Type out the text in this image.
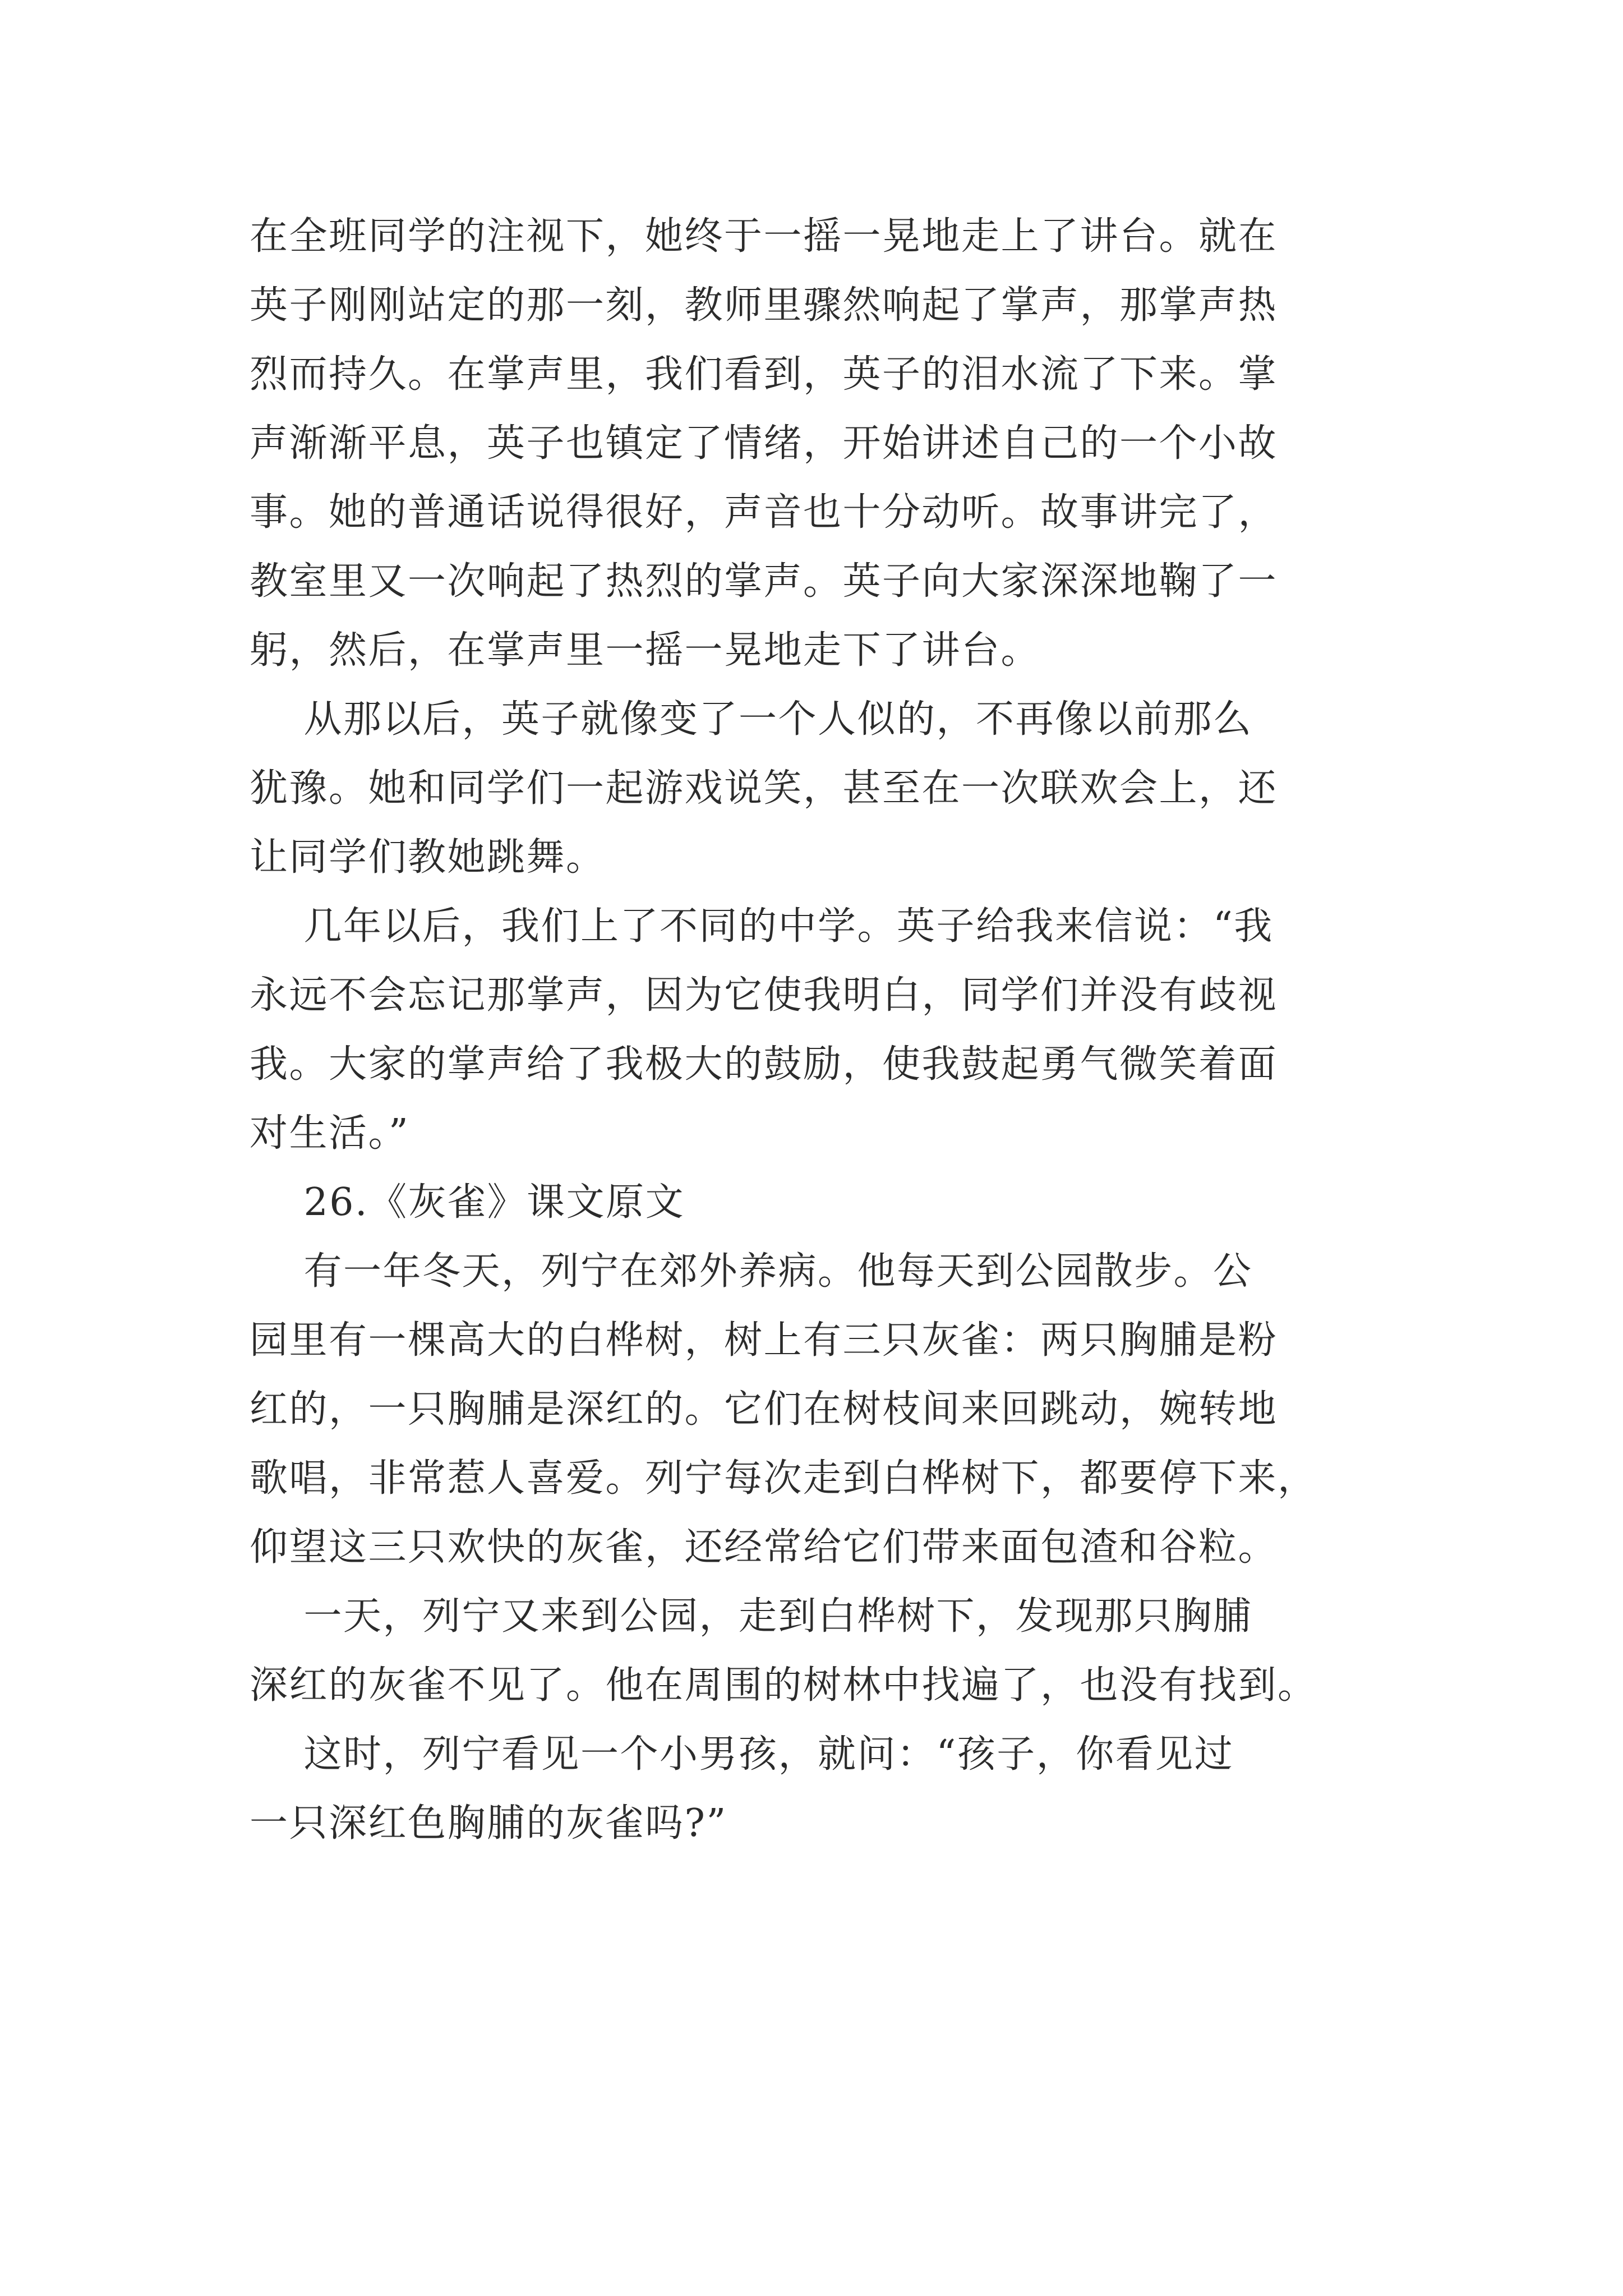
在全班同学的注视下，她终于一摇一晃地走上了讲台。就在
英子刚刚站定的那一刻，教师里骤然响起了掌声，那掌声热
烈而持久。在掌声里，我们看到，英子的泪水流了下来。掌
声渐渐平息，英子也镇定了情绪，开始讲述自己的一个小故
事。她的普通话说得很好，声音也十分动听。故事讲完了，
教室里又一次响起了热烈的掌声。英子向大家深深地鞠了一
躬，然后，在掌声里一摇一晃地走下了讲台。
从那以后，英子就像变了一个人似的，不再像以前那么
犹豫。她和同学们一起游戏说笑，甚至在一次联欢会上，还
让同学们教她跳舞。
几年以后，我们上了不同的中学。英子给我来信说：“我
永远不会忘记那掌声，因为它使我明白，同学们并没有歧视
我。大家的掌声给了我极大的鼓励，使我鼓起勇气微笑着面
对生活。”
26.《灰雀》课文原文
有一年冬天，列宁在郊外养病。他每天到公园散步。公
园里有一棵高大的白桦树，树上有三只灰雀：两只胸脯是粉
红的，一只胸脯是深红的。它们在树枝间来回跳动，婉转地
歌唱，非常惹人喜爱。列宁每次走到白桦树下，都要停下来，
仰望这三只欢快的灰雀，还经常给它们带来面包渣和谷粒。
一天，列宁又来到公园，走到白桦树下，发现那只胸脯
深红的灰雀不见了。他在周围的树林中找遍了，也没有找到。
这时，列宁看见一个小男孩，就问：“孩子，你看见过
一只深红色胸脯的灰雀吗?”
